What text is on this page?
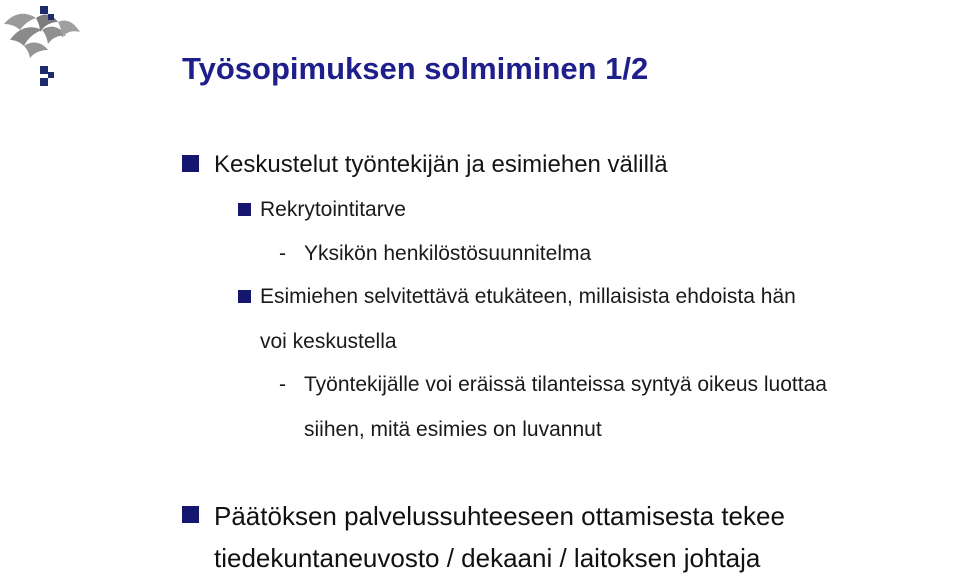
Työsopimuksen solmiminen 1/2

Keskustelut työntekijän ja esimiehen välillä

Rekrytointitarve

- Yksikön henkilöstösuunnitelma

Esimiehen selvitettävä etukäteen, millaisista ehdoista hän

voi keskustella

- Työntekijälle voi eräissä tilanteissa syntyä oikeus luottaa

siihen, mitä esimies on luvannut

Päätöksen palvelussuhteeseen ottamisesta tekee

tiedekuntaneuvosto / dekaani / laitoksen johtaja
